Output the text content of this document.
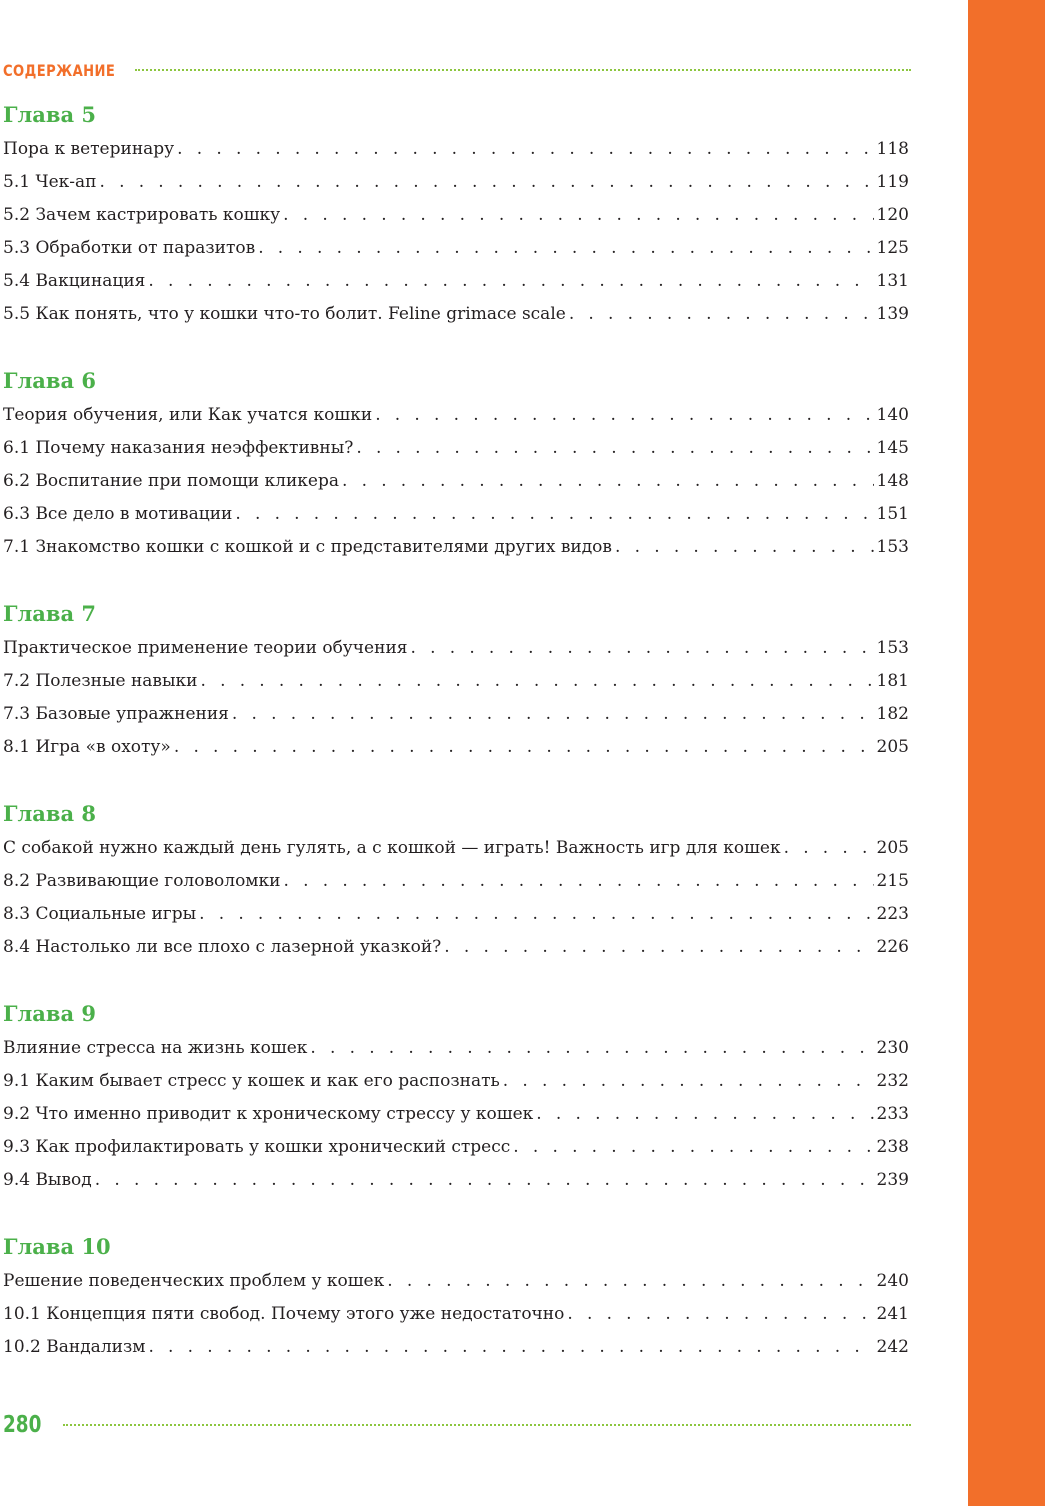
СОДЕРЖАНИЕ
Глава 5
Пора к ветеринару . . .	118
5.1 Чек-ап . . .	119
5.2 Зачем кастрировать кошку . . .	120
5.3 Обработки от паразитов . . .	125
5.4 Вакцинация . . .	131
5.5 Как понять, что у кошки что-то болит. Feline grimace scale . . .	139
Глава 6
Теория обучения, или Как учатся кошки . . .	140
6.1 Почему наказания неэффективны? . . .	145
6.2 Воспитание при помощи кликера . . .	148
6.3 Все дело в мотивации . . .	151
7.1 Знакомство кошки с кошкой и с представителями других видов . . .	153
Глава 7
Практическое применение теории обучения . . .	153
7.2 Полезные навыки . . .	181
7.3 Базовые упражнения . . .	182
8.1 Игра «в охоту» . . .	205
Глава 8
С собакой нужно каждый день гулять, а с кошкой — играть! Важность игр для кошек . . .	205
8.2 Развивающие головоломки . . .	215
8.3 Социальные игры . . .	223
8.4 Настолько ли все плохо с лазерной указкой? . . .	226
Глава 9
Влияние стресса на жизнь кошек . . .	230
9.1 Каким бывает стресс у кошек и как его распознать . . .	232
9.2 Что именно приводит к хроническому стрессу у кошек . . .	233
9.3 Как профилактировать у кошки хронический стресс . . .	238
9.4 Вывод . . .	239
Глава 10
Решение поведенческих проблем у кошек . . .	240
10.1 Концепция пяти свобод. Почему этого уже недостаточно . . .	241
10.2 Вандализм . . .	242
280
